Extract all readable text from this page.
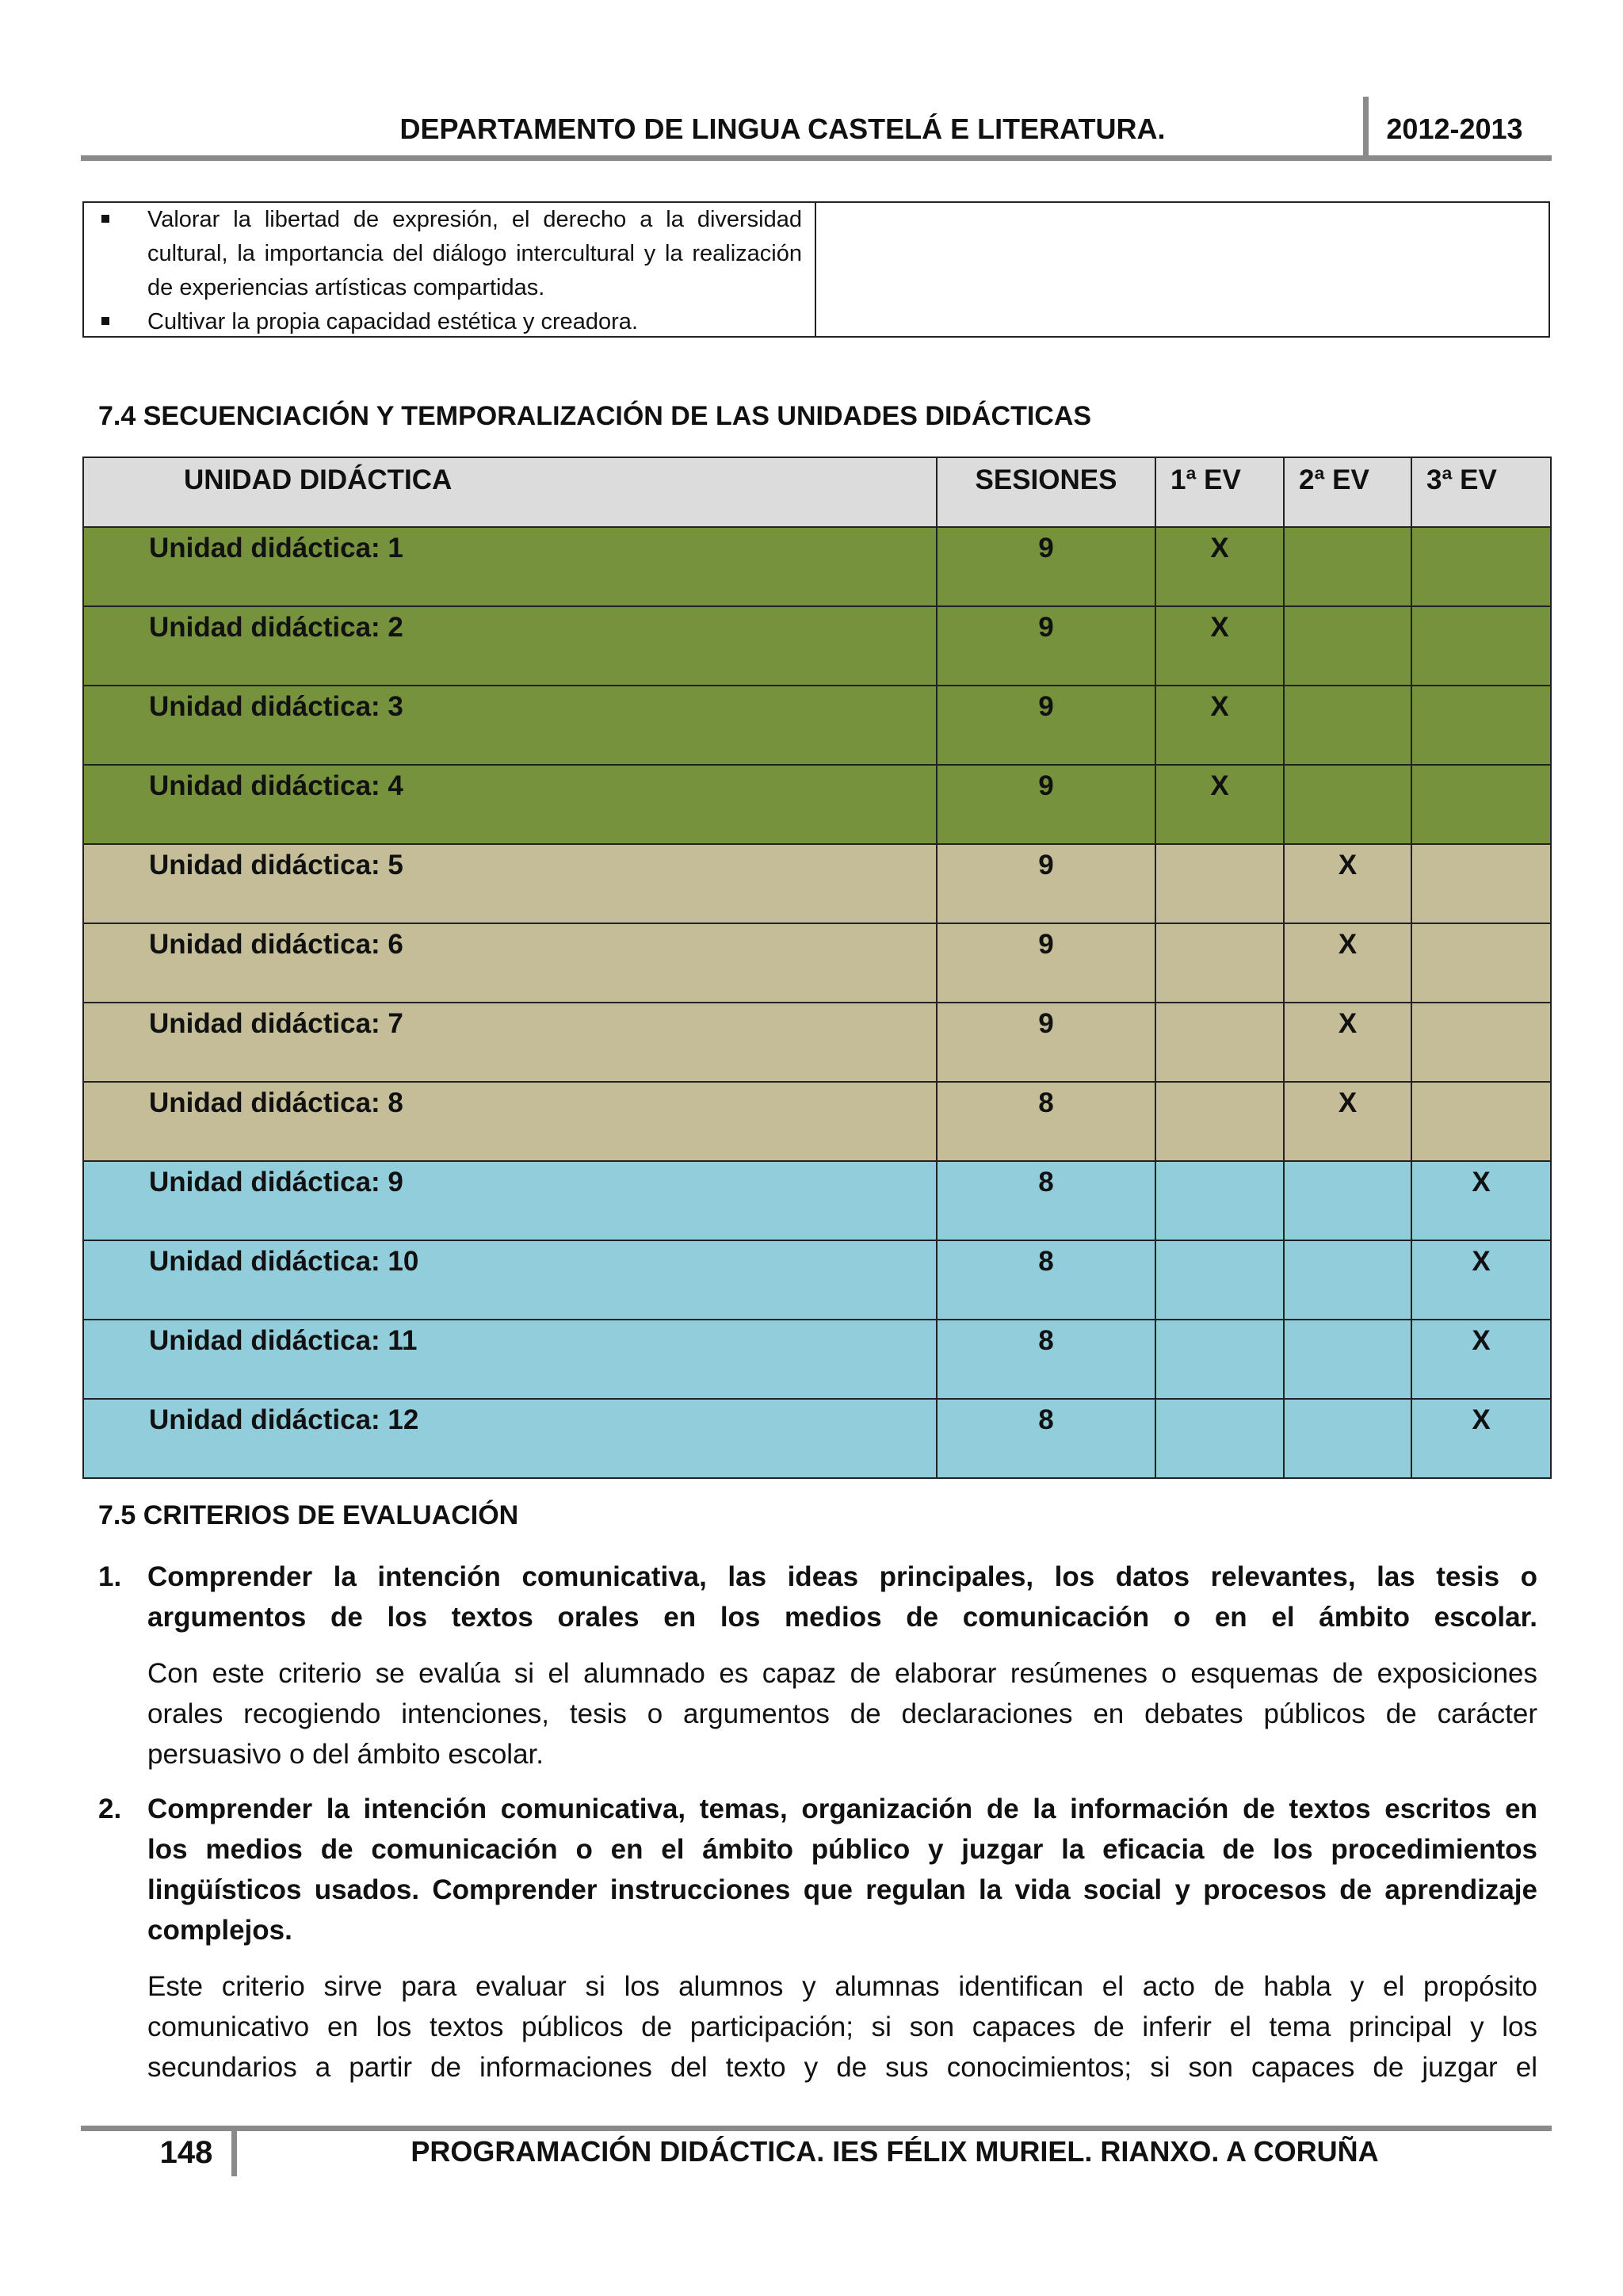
DEPARTAMENTO DE LINGUA CASTELÁ E LITERATURA.	2012-2013
Valorar la libertad de expresión, el derecho a la diversidad cultural, la importancia del diálogo intercultural y la realización de experiencias artísticas compartidas.
Cultivar la propia capacidad estética y creadora.
7.4 SECUENCIACIÓN Y TEMPORALIZACIÓN DE LAS UNIDADES DIDÁCTICAS
UNIDAD DIDÁCTICA	SESIONES	1ª EV	2ª EV	3ª EV

Unidad didáctica: 1	9	X		

Unidad didáctica: 2	9	X		

Unidad didáctica: 3	9	X		

Unidad didáctica: 4	9	X		

Unidad didáctica: 5	9		X	

Unidad didáctica: 6	9		X	

Unidad didáctica: 7	9		X	

Unidad didáctica: 8	8		X	

Unidad didáctica: 9	8			X

Unidad didáctica: 10	8			X

Unidad didáctica: 11	8			X

Unidad didáctica: 12	8			X
7.5 CRITERIOS DE EVALUACIÓN
1. Comprender la intención comunicativa, las ideas principales, los datos relevantes, las tesis o
argumentos de los textos orales en los medios de comunicación o en el ámbito escolar.
Con este criterio se evalúa si el alumnado es capaz de elaborar resúmenes o esquemas de exposiciones
orales recogiendo intenciones, tesis o argumentos de declaraciones en debates públicos de carácter
persuasivo o del ámbito escolar.
2. Comprender la intención comunicativa, temas, organización de la información de textos escritos en
los medios de comunicación o en el ámbito público y juzgar la eficacia de los procedimientos
lingüísticos usados. Comprender instrucciones que regulan la vida social y procesos de aprendizaje
complejos.
Este criterio sirve para evaluar si los alumnos y alumnas identifican el acto de habla y el propósito
comunicativo en los textos públicos de participación; si son capaces de inferir el tema principal y los
secundarios a partir de informaciones del texto y de sus conocimientos; si son capaces de juzgar el
148	PROGRAMACIÓN DIDÁCTICA. IES FÉLIX MURIEL. RIANXO. A CORUÑA
